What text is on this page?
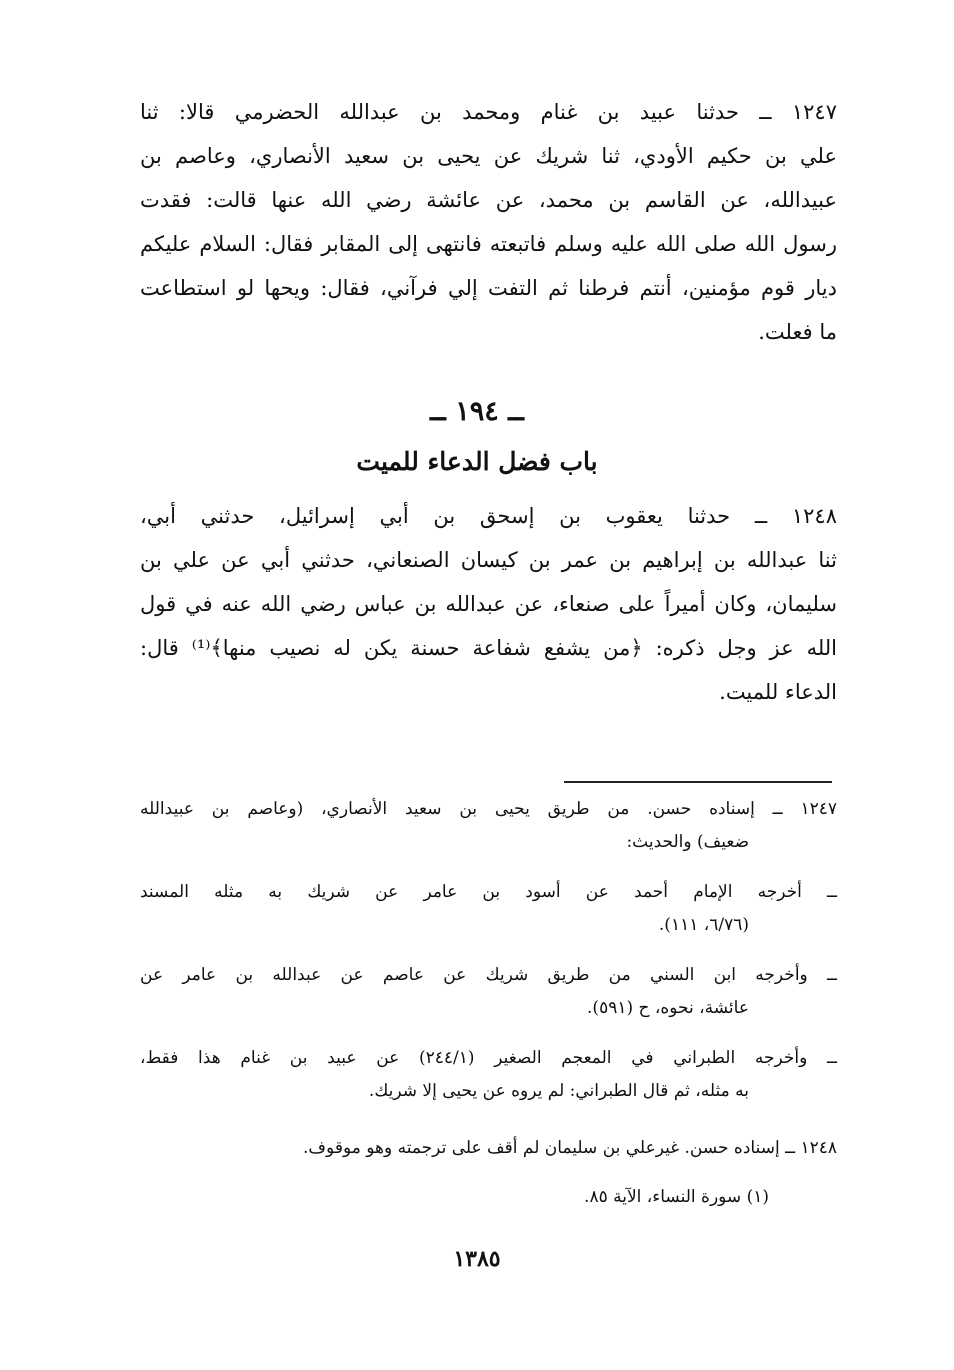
١٢٤٧ ــ حدثنا عبيد بن غنام ومحمد بن عبدالله الحضرمي قالا: ثنا
علي بن حكيم الأودي، ثنا شريك عن يحيى بن سعيد الأنصاري، وعاصم بن
عبيدالله، عن القاسم بن محمد، عن عائشة رضي الله عنها قالت: فقدت
رسول الله صلى الله عليه وسلم فاتبعته فانتهى إلى المقابر فقال: السلام عليكم
ديار قوم مؤمنين، أنتم فرطنا ثم التفت إلي فرآني، فقال: ويحها لو استطاعت
ما فعلت.
ــ ١٩٤ ــ
باب فضل الدعاء للميت
١٢٤٨ ــ حدثنا يعقوب بن إسحق بن أبي إسرائيل، حدثني أبي،
ثنا عبدالله بن إبراهيم بن عمر بن كيسان الصنعاني، حدثني أبي عن علي بن
سليمان، وكان أميراً على صنعاء، عن عبدالله بن عباس رضي الله عنه في قول
الله عز وجل ذكره: ﴿من يشفع شفاعة حسنة يكن له نصيب منها﴾⁽¹⁾ قال:
الدعاء للميت.
١٢٤٧ ــ إسناده حسن. من طريق يحيى بن سعيد الأنصاري، (وعاصم بن عبيدالله
ضعيف) والحديث:
ــ أخرجه الإمام أحمد عن أسود بن عامر عن شريك به مثله المسند
(٦/٧٦، ١١١).
ــ وأخرجه ابن السني من طريق شريك عن عاصم عن عبدالله بن عامر عن
عائشة، نحوه، ح (٥٩١).
ــ وأخرجه الطبراني في المعجم الصغير (٢٤٤/١) عن عبيد بن غنام هذا فقط،
به مثله، ثم قال الطبراني: لم يروه عن يحيى إلا شريك.
١٢٤٨ ــ إسناده حسن. غيرعلي بن سليمان لم أقف على ترجمته وهو موقوف.
(١) سورة النساء، الآية ٨٥.
١٣٨٥
